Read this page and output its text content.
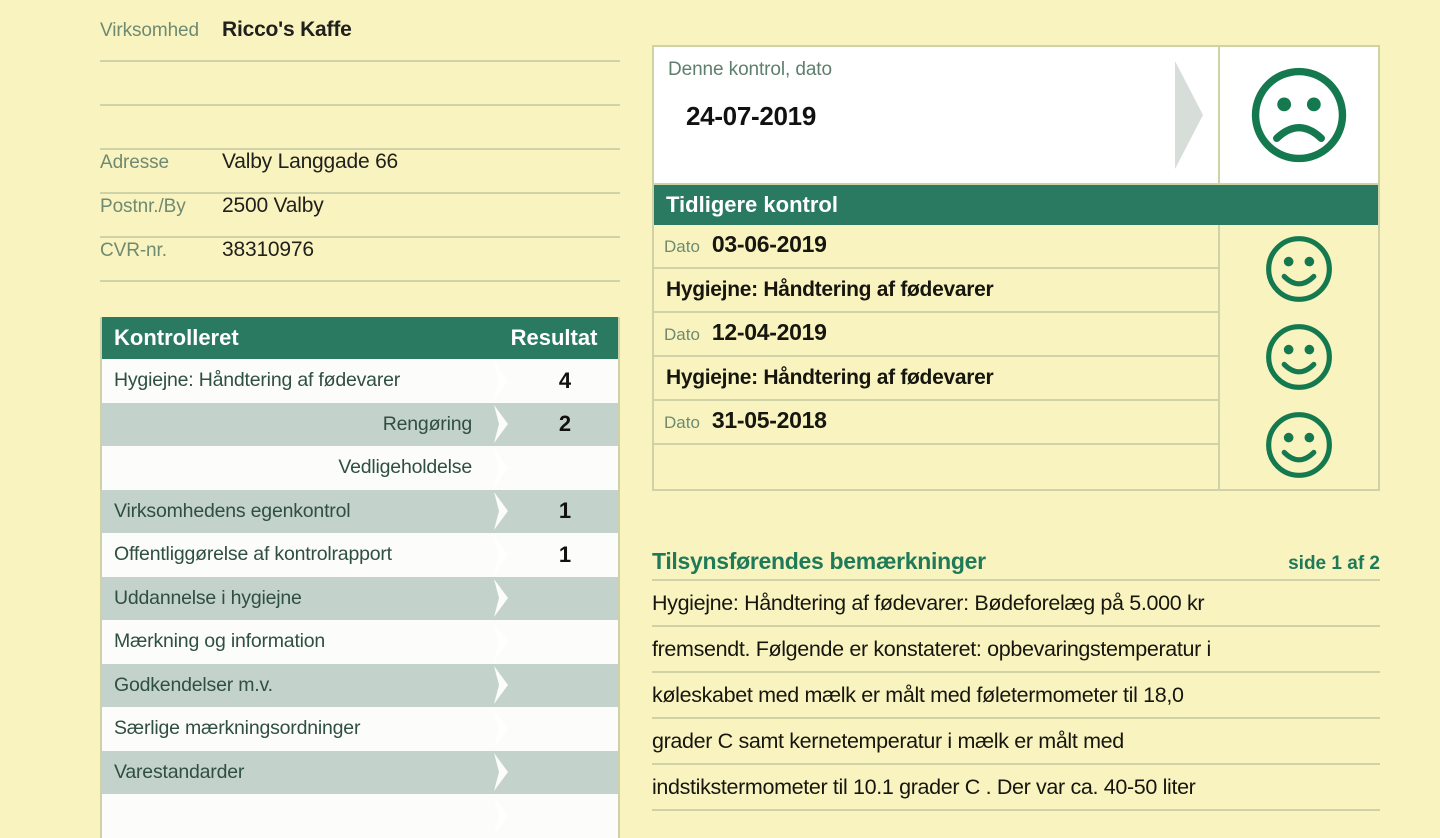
Virksomhed	Ricco's Kaffe
Adresse	Valby Langgade 66
Postnr./By	2500 Valby
CVR-nr.	38310976
Kontrolleret	Resultat
Hygiejne: Håndtering af fødevarer	4
Rengøring	2
Vedligeholdelse
Virksomhedens egenkontrol	1
Offentliggørelse af kontrolrapport	1
Uddannelse i hygiejne
Mærkning og information
Godkendelser m.v.
Særlige mærkningsordninger
Varestandarder
Denne kontrol, dato
24-07-2019
Tidligere kontrol
Dato 03-06-2019
Hygiejne: Håndtering af fødevarer
Dato 12-04-2019
Hygiejne: Håndtering af fødevarer
Dato 31-05-2018
Tilsynsførendes bemærkninger	side 1 af 2
Hygiejne: Håndtering af fødevarer: Bødeforelæg på 5.000 kr
fremsendt. Følgende er konstateret: opbevaringstemperatur i
køleskabet med mælk er målt med føletermometer til 18,0
grader C samt kernetemperatur i mælk er målt med
indstikstermometer til 10.1 grader C . Der var ca. 40-50 liter
